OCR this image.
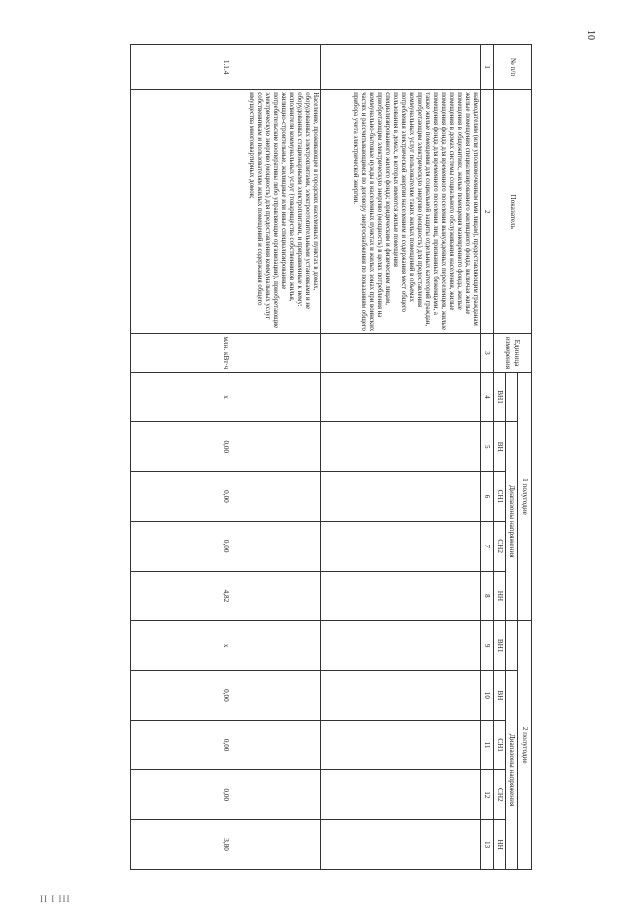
10
№ п/п	Показатель	Единица измерения	1 полугодие					2 полугодие				
				Диапазоны напряжения					Диапазоны напряжения			
			ВН1	ВН	СН1	СН2	НН	ВН1	ВН	СН1	СН2	НН
1	2	3	4	5	6	7	8	9	10	11	12	13
	наймодателям (или уполномоченным ими лицам), предоставляющим гражданам жилые помещения специализированного жилищного фонда, включая жилые помещения в общежитиях, жилые помещения маневренного фонда, жилые помещения в домах системы социального обслуживания населения, жилые помещения фонда для временного поселения вынужденных переселенцев, жилые помещения фонда для временного поселения лиц, признанных беженцами, а также жилые помещения для социальной защиты отдельных категорий граждан, приобретающим электрическую энергию (мощность) для предоставления коммунальных услуг пользователям таких жилых помещений в объемах потребления электрической энергии населением и содержания мест общего пользования в домах, в которых имеются жилые помещения специализированного жилого фонда; юридическим и физическим лицам, приобретающим электрическую энергию (мощность) в целях потребления на коммунально-бытовые нужды в населенных пунктах и жилых зонах при воинских частях и рассчитывающимся по договору энергоснабжения по показаниям общего прибора учета электрической энергии.											
1.1.4	Население, проживающее в городских населенных пунктах в домах, оборудованных электроплитами, электроотопительными установками и не оборудованных стационарными электроплитами, и приравненные к нему: исполнители коммунальных услуг (товарищества собственников жилья, жилищно-строительные, жилищные или иные специализированные потребительские кооперативы либо управляющие организации), приобретающие электрическую энергию (мощность) для предоставления коммунальных услуг собственникам и пользователям жилых помещений и содержания общего имущества многоквартирных домов;	млн. кВт·ч	x	0,00	0,00	0,00	4,82	x	0,00	0,00	0,00	3,80
II I III
